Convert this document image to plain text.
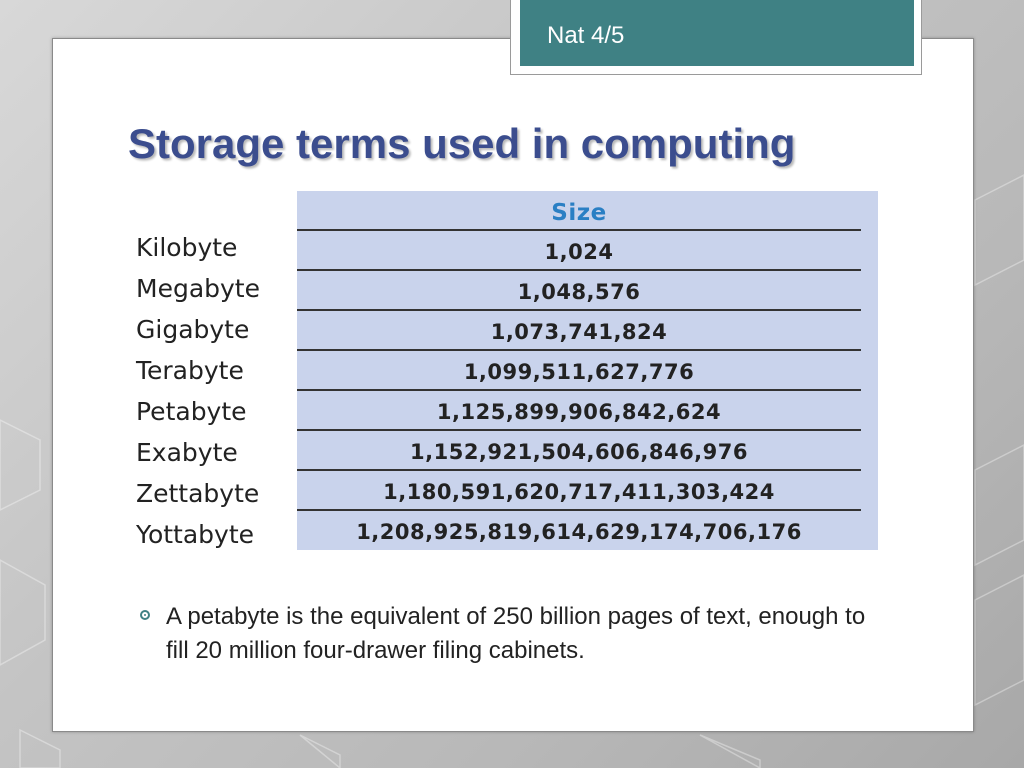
Nat 4/5
Storage terms used in computing
Kilobyte
Megabyte
Gigabyte
Terabyte
Petabyte
Exabyte
Zettabyte
Yottabyte
Size
1,024
1,048,576
1,073,741,824
1,099,511,627,776
1,125,899,906,842,624
1,152,921,504,606,846,976
1,180,591,620,717,411,303,424
1,208,925,819,614,629,174,706,176
A petabyte is the equivalent of 250 billion pages of text, enough to fill 20 million four-drawer filing cabinets.
